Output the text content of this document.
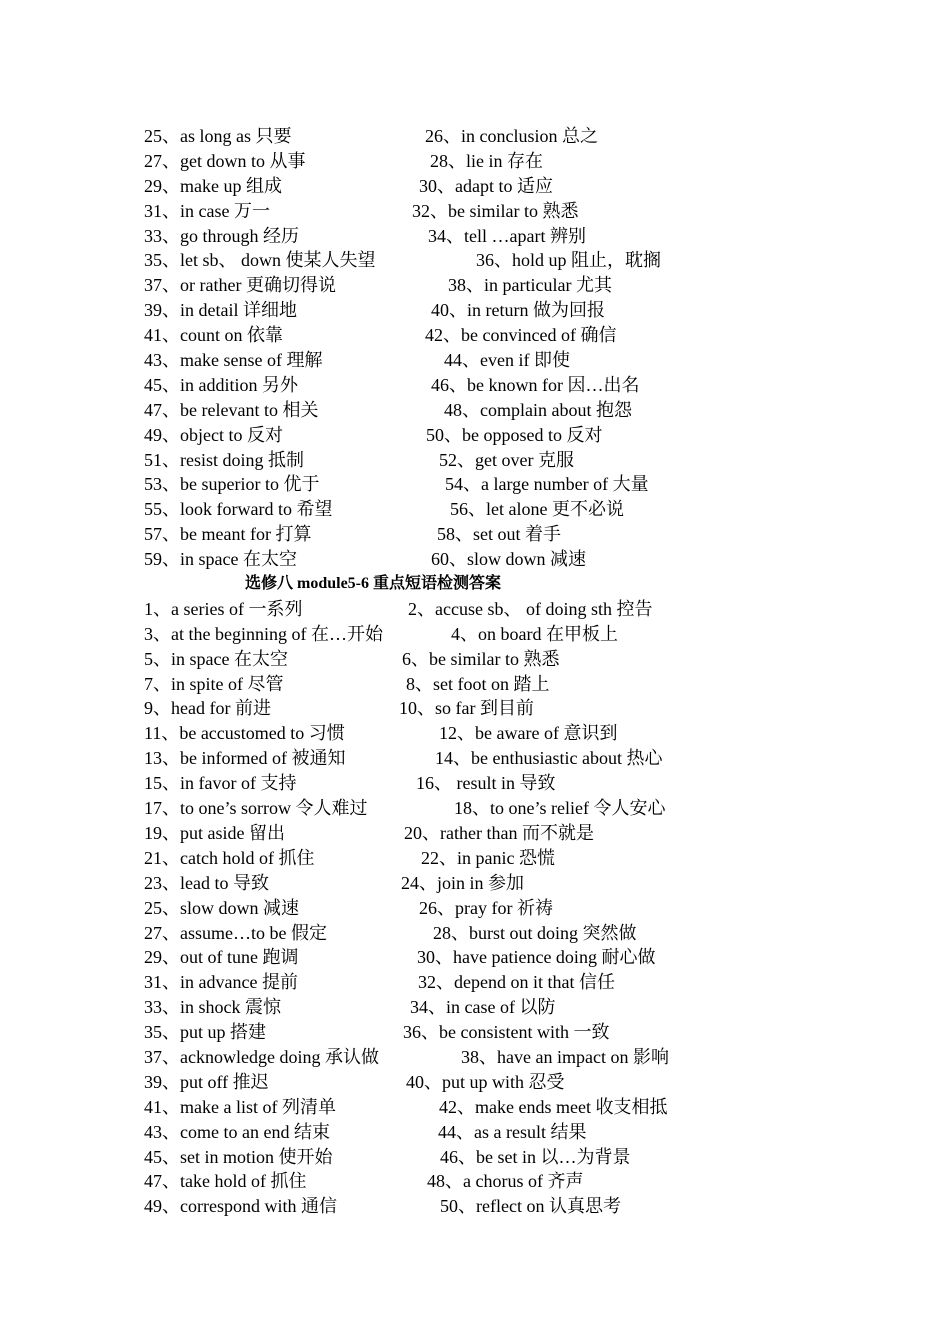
25、as long as 只要	26、in conclusion 总之
27、get down to 从事	28、lie in 存在
29、make up 组成	30、adapt to 适应
31、in case 万一	32、be similar to 熟悉
33、go through 经历	34、tell …apart 辨别
35、let sb、 down 使某人失望	36、hold up 阻止，耽搁
37、or rather 更确切得说	38、in particular 尤其
39、in detail 详细地	40、in return 做为回报
41、count on 依靠	42、be convinced of 确信
43、make sense of 理解	44、even if 即使
45、in addition 另外	46、be known for 因…出名
47、be relevant to 相关	48、complain about 抱怨
49、object to 反对	50、be opposed to 反对
51、resist doing 抵制	52、get over 克服
53、be superior to 优于	54、a large number of 大量
55、look forward to 希望	56、let alone 更不必说
57、be meant for 打算	58、set out 着手
59、in space 在太空	60、slow down 减速
选修八 module5-6 重点短语检测答案
1、a series of 一系列	2、accuse sb、 of doing sth 控告
3、at the beginning of 在…开始	4、on board 在甲板上
5、in space 在太空	6、be similar to 熟悉
7、in spite of 尽管	8、set foot on 踏上
9、head for 前进	10、so far 到目前
11、be accustomed to 习惯	12、be aware of 意识到
13、be informed of 被通知	14、be enthusiastic about 热心
15、in favor of 支持	16、 result in 导致
17、to one’s sorrow 令人难过	18、to one’s relief 令人安心
19、put aside 留出	20、rather than 而不就是
21、catch hold of 抓住	22、in panic 恐慌
23、lead to 导致	24、join in 参加
25、slow down 减速	26、pray for 祈祷
27、assume…to be 假定	28、burst out doing 突然做
29、out of tune 跑调	30、have patience doing 耐心做
31、in advance 提前	32、depend on it that 信任
33、in shock 震惊	34、in case of 以防
35、put up 搭建	36、be consistent with 一致
37、acknowledge doing 承认做	38、have an impact on 影响
39、put off 推迟	40、put up with 忍受
41、make a list of 列清单	42、make ends meet 收支相抵
43、come to an end 结束	44、as a result 结果
45、set in motion 使开始	46、be set in 以…为背景
47、take hold of 抓住	48、a chorus of 齐声
49、correspond with 通信	50、reflect on 认真思考
